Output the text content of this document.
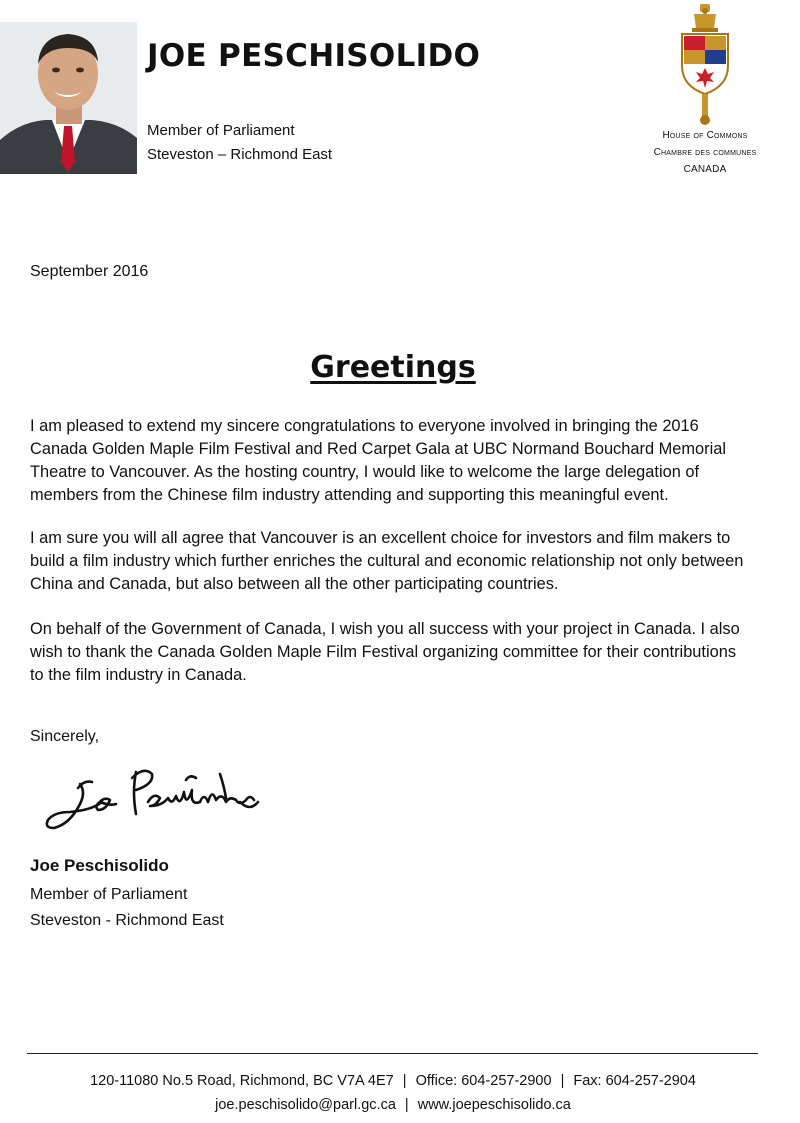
JOE PESCHISOLIDO
Member of Parliament
Steveston – Richmond East
House of Commons
Chambre des communes
CANADA
September 2016
Greetings

I am pleased to extend my sincere congratulations to everyone involved in bringing the 2016 Canada Golden Maple Film Festival and Red Carpet Gala at UBC Normand Bouchard Memorial Theatre to Vancouver. As the hosting country, I would like to welcome the large delegation of members from the Chinese film industry attending and supporting this meaningful event.

I am sure you will all agree that Vancouver is an excellent choice for investors and film makers to build a film industry which further enriches the cultural and economic relationship not only between China and Canada, but also between all the other participating countries.

On behalf of the Government of Canada, I wish you all success with your project in Canada. I also wish to thank the Canada Golden Maple Film Festival organizing committee for their contributions to the film industry in Canada.

Sincerely,
Joe Peschisolido
Member of Parliament
Steveston - Richmond East
120-11080 No.5 Road, Richmond, BC V7A 4E7 | Office: 604-257-2900 | Fax: 604-257-2904
joe.peschisolido@parl.gc.ca | www.joepeschisolido.ca
